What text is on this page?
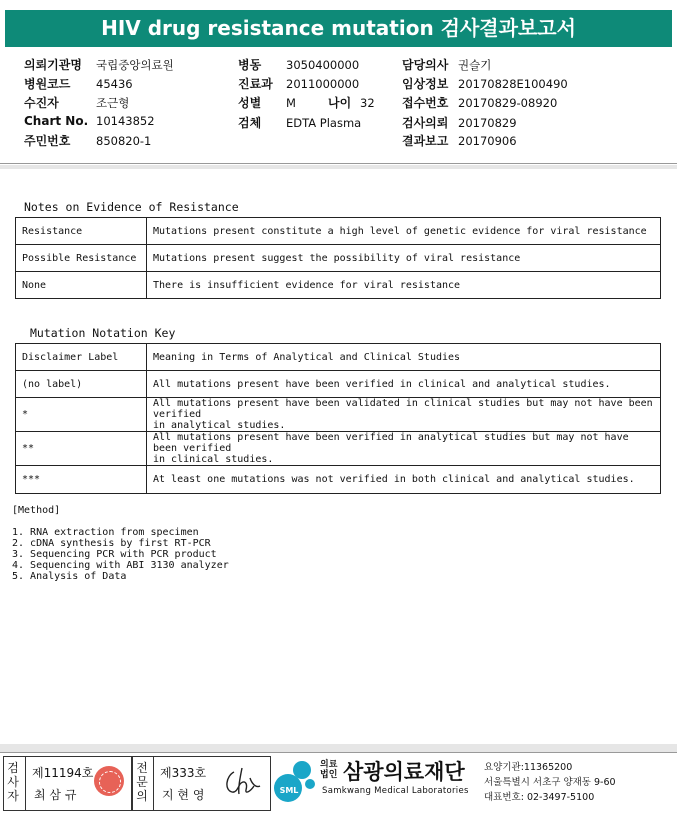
HIV drug resistance mutation 검사결과보고서
의뢰기관명 국립중앙의료원
병원코드 45436
수진자	조근형
Chart No. 10143852
주민번호 850820-1
병동 3050400000
진료과 2011000000
성별 M	나이 32
검체 EDTA Plasma
담당의사 권슬기
임상정보 20170828E100490
접수번호 20170829-08920
검사의뢰 20170829
결과보고 20170906
Notes on Evidence of Resistance
Resistance	Mutations present constitute a high level of genetic evidence for viral resistance
Possible Resistance	Mutations present suggest the possibility of viral resistance
None	There is insufficient evidence for viral resistance
Mutation Notation Key
Disclaimer Label	Meaning in Terms of Analytical and Clinical Studies
(no label)	All mutations present have been verified in clinical and analytical studies.
*	All mutations present have been validated in clinical studies but may not have been verified
in analytical studies.

**	All mutations present have been verified in analytical studies but may not have been verified
in clinical studies.

***	At least one mutations was not verified in both clinical and analytical studies.
[Method]
1. RNA extraction from specimen
2. cDNA synthesis by first RT-PCR
3. Sequencing PCR with PCR product
4. Sequencing with ABI 3130 analyzer
5. Analysis of Data
검
사
자
제11194호
최 삼 규
전
문
의
제333호
지 현 영	SML
의료
법인 삼광의료재단
Samkwang Medical Laboratories
요양기관:11365200
서울특별시 서초구 양재동 9-60
대표번호: 02-3497-5100
